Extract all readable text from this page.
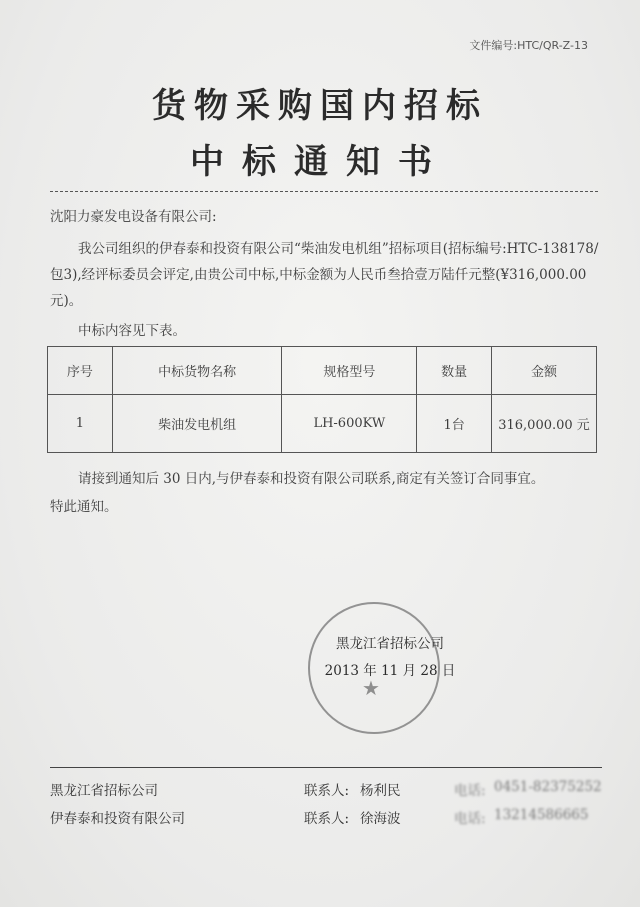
文件编号:HTC/QR-Z-13
货物采购国内招标
中标通知书
沈阳力豪发电设备有限公司:
我公司组织的伊春泰和投资有限公司“柴油发电机组”招标项目(招标编号:HTC-138178/包3),经评标委员会评定,由贵公司中标,中标金额为人民币叁拾壹万陆仟元整(¥316,000.00元)。
中标内容见下表。
序号	中标货物名称	规格型号	数量	金额
1	柴油发电机组	LH-600KW	1台	316,000.00 元
请接到通知后 30 日内,与伊春泰和投资有限公司联系,商定有关签订合同事宜。
特此通知。
★
黑龙江省招标公司
2013 年 11 月 28 日
黑龙江省招标公司	联系人: 杨利民	电话: 0451-82375252
伊春泰和投资有限公司	联系人: 徐海波	电话: 13214586665
